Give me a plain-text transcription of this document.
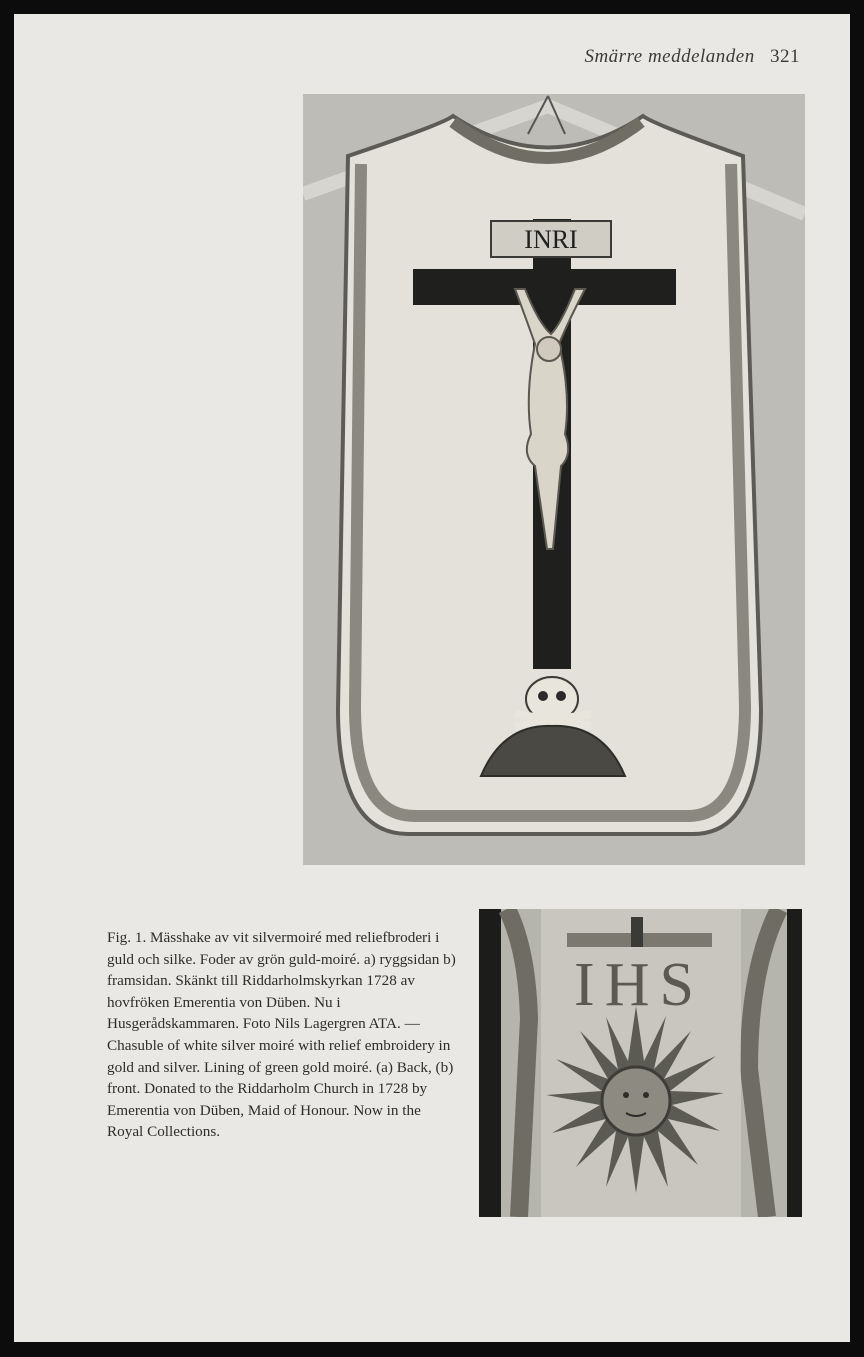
Smärre meddelanden 321
INRI

Fig. 1. Mässhake av vit silvermoiré med reliefbroderi i guld och silke. Foder av grön guld-moiré. a) ryggsidan b) framsidan. Skänkt till Riddarholmskyrkan 1728 av hovfröken Emerentia von Düben. Nu i Husgerådskammaren. Foto Nils Lagergren ATA. — Chasuble of white silver moiré with relief embroidery in gold and silver. Lining of green gold moiré. (a) Back, (b) front. Donated to the Riddarholm Church in 1728 by Emerentia von Düben, Maid of Honour. Now in the Royal Collections.

IHS
